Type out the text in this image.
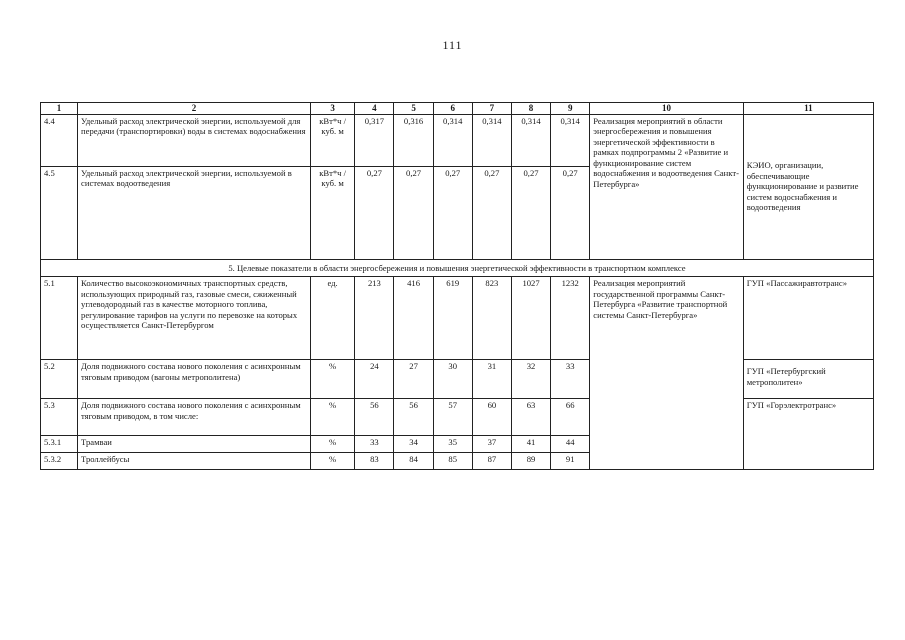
111
1	2	3	4	5	6	7	8	9	10	11
4.4	Удельный расход электрической энергии, используемой для передачи (транспортировки) воды в системах водоснабжения	кВт*ч / куб. м	0,317	0,316	0,314	0,314	0,314	0,314	Реализация мероприятий в области энергосбережения и повышения энергетической эффективности в рамках подпрограммы 2 «Развитие и функционирование систем водоснабжения и водоотведения Санкт-Петербурга»	КЭИО, организации, обеспечивающие функционирование и развитие систем водоснабжения и водоотведения
4.5	Удельный расход электрической энергии, используемой в системах водоотведения	кВт*ч / куб. м	0,27	0,27	0,27	0,27	0,27	0,27		
5. Целевые показатели в области энергосбережения и повышения энергетической эффективности в транспортном комплексе										
5.1	Количество высокоэкономичных транспортных средств, использующих природный газ, газовые смеси, сжиженный углеводородный газ в качестве моторного топлива, регулирование тарифов на услуги по перевозке на которых осуществляется Санкт-Петербургом	ед.	213	416	619	823	1027	1232	Реализация мероприятий государственной программы Санкт-Петербурга «Развитие транспортной системы Санкт-Петербурга»	ГУП «Пассажиравтотранс»
5.2	Доля подвижного состава нового поколения с асинхронным тяговым приводом (вагоны метрополитена)	%	24	27	30	31	32	33		ГУП «Петербургский метрополитен»
5.3	Доля подвижного состава нового поколения с асинхронным тяговым приводом, в том числе:	%	56	56	57	60	63	66		ГУП «Горэлектротранс»
5.3.1	Трамваи	%	33	34	35	37	41	44		
5.3.2	Троллейбусы	%	83	84	85	87	89	91		
